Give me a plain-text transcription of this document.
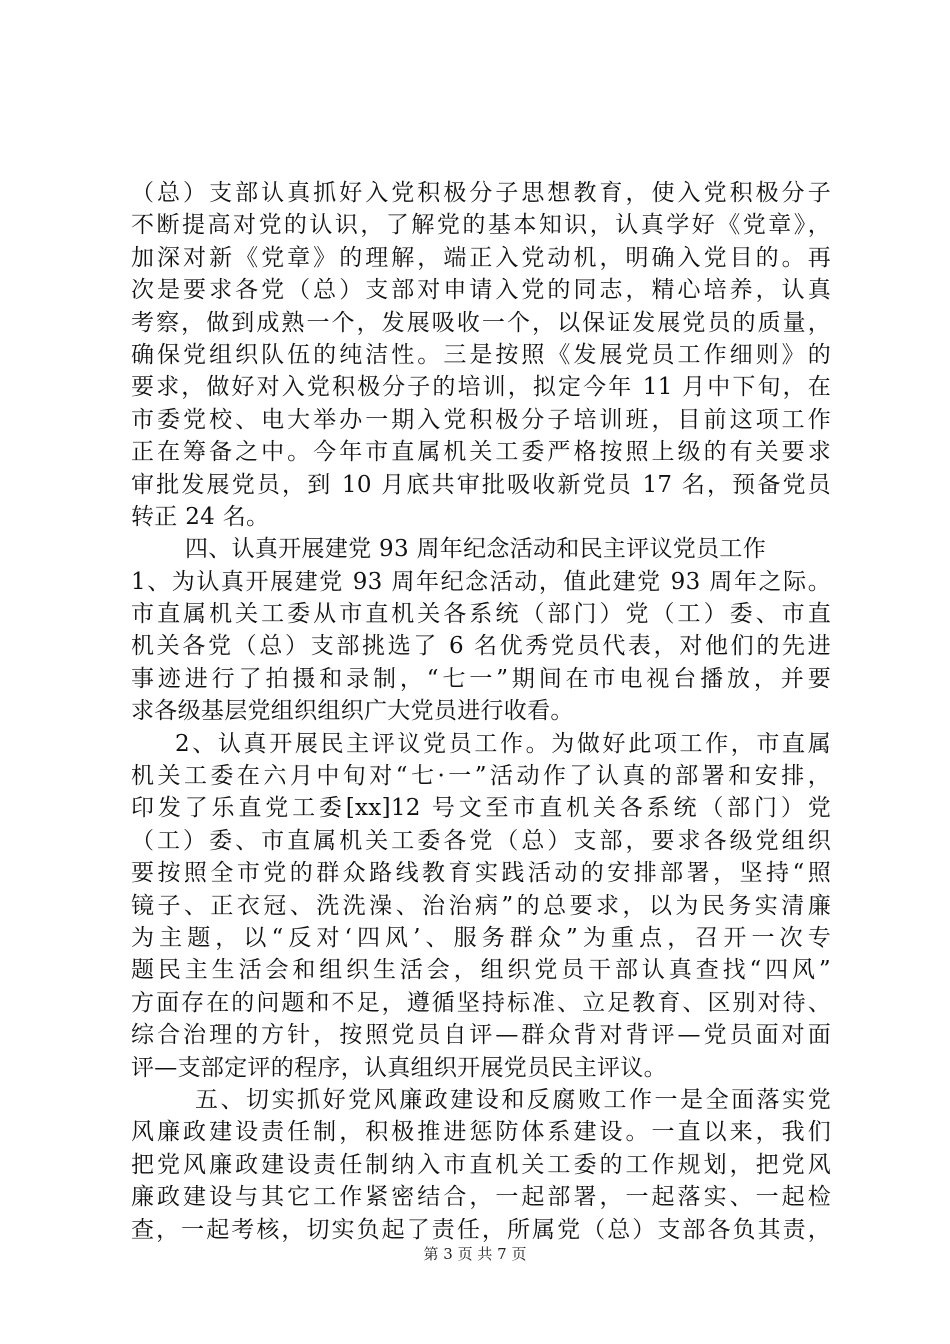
（总）支部认真抓好入党积极分子思想教育，使入党积极分子
不断提高对党的认识，了解党的基本知识，认真学好《党章》，
加深对新《党章》的理解，端正入党动机，明确入党目的。再
次是要求各党（总）支部对申请入党的同志，精心培养，认真
考察，做到成熟一个，发展吸收一个，以保证发展党员的质量，
确保党组织队伍的纯洁性。三是按照《发展党员工作细则》的
要求，做好对入党积极分子的培训，拟定今年 11 月中下旬，在
市委党校、电大举办一期入党积极分子培训班，目前这项工作
正在筹备之中。今年市直属机关工委严格按照上级的有关要求
审批发展党员，到 10 月底共审批吸收新党员 17 名，预备党员
转正 24 名。
四、认真开展建党 93 周年纪念活动和民主评议党员工作
1、为认真开展建党 93 周年纪念活动，值此建党 93 周年之际。
市直属机关工委从市直机关各系统（部门）党（工）委、市直
机关各党（总）支部挑选了 6 名优秀党员代表，对他们的先进
事迹进行了拍摄和录制，“七一”期间在市电视台播放，并要
求各级基层党组织组织广大党员进行收看。
2、认真开展民主评议党员工作。为做好此项工作，市直属
机关工委在六月中旬对“七·一”活动作了认真的部署和安排，
印发了乐直党工委[xx]12 号文至市直机关各系统（部门）党
（工）委、市直属机关工委各党（总）支部，要求各级党组织
要按照全市党的群众路线教育实践活动的安排部署，坚持“照
镜子、正衣冠、洗洗澡、治治病”的总要求，以为民务实清廉
为主题，以“反对‘四风’、服务群众”为重点，召开一次专
题民主生活会和组织生活会，组织党员干部认真查找“四风”
方面存在的问题和不足，遵循坚持标准、立足教育、区别对待、
综合治理的方针，按照党员自评—群众背对背评—党员面对面
评—支部定评的程序，认真组织开展党员民主评议。
五、切实抓好党风廉政建设和反腐败工作一是全面落实党
风廉政建设责任制，积极推进惩防体系建设。一直以来，我们
把党风廉政建设责任制纳入市直机关工委的工作规划，把党风
廉政建设与其它工作紧密结合，一起部署，一起落实、一起检
查，一起考核，切实负起了责任，所属党（总）支部各负其责，
第 3 页 共 7 页
